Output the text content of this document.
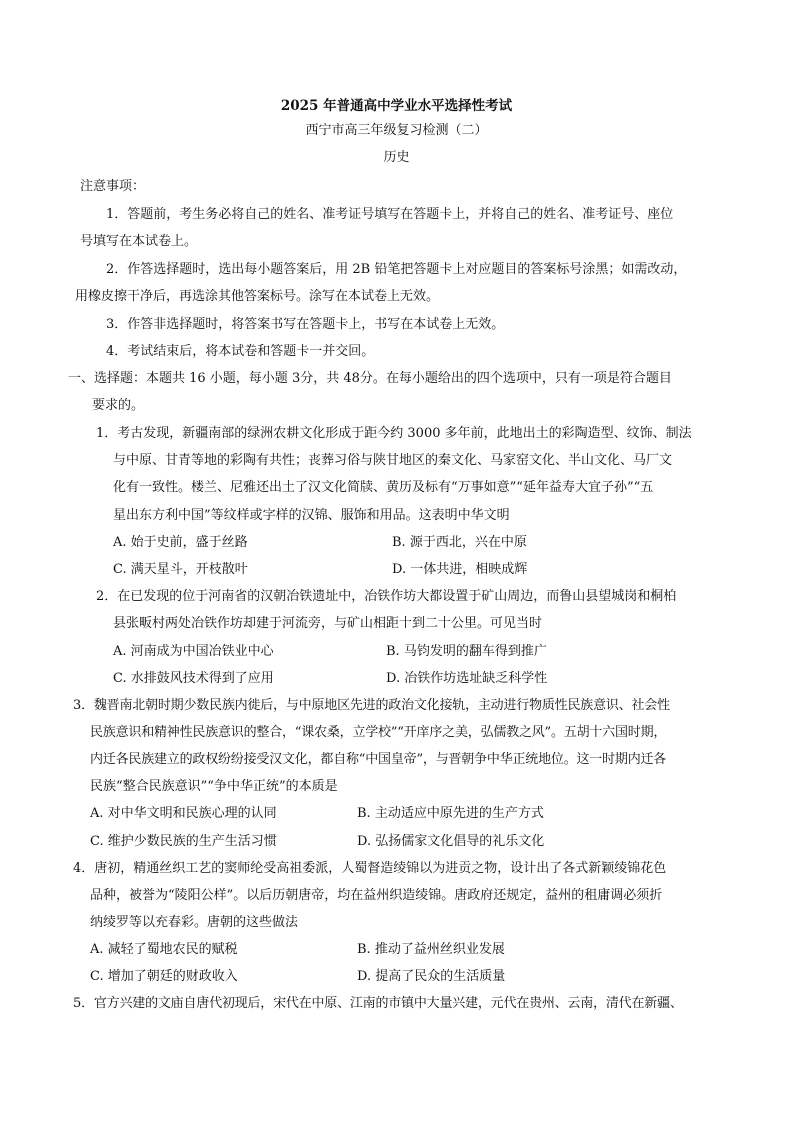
2025 年普通高中学业水平选择性考试
西宁市高三年级复习检测（二）
历史
注意事项：
1．答题前，考生务必将自己的姓名、准考证号填写在答题卡上，并将自己的姓名、准考证号、座位
号填写在本试卷上。
2．作答选择题时，选出每小题答案后，用 2B 铅笔把答题卡上对应题目的答案标号涂黑；如需改动，
用橡皮擦干净后，再选涂其他答案标号。涂写在本试卷上无效。
3．作答非选择题时，将答案书写在答题卡上，书写在本试卷上无效。
4．考试结束后，将本试卷和答题卡一并交回。
一、选择题：本题共 16 小题，每小题 3分，共 48分。在每小题给出的四个选项中，只有一项是符合题目
要求的。
1．考古发现，新疆南部的绿洲农耕文化形成于距今约 3000 多年前，此地出土的彩陶造型、纹饰、制法
与中原、甘青等地的彩陶有共性；丧葬习俗与陕甘地区的秦文化、马家窑文化、半山文化、马厂文
化有一致性。楼兰、尼雅还出土了汉文化简牍、黄历及标有“万事如意”“延年益寿大宜子孙”“五
星出东方利中国”等纹样或字样的汉锦、服饰和用品。这表明中华文明
A. 始于史前，盛于丝路	B. 源于西北，兴在中原
C. 满天星斗，开枝散叶	D. 一体共进，相映成辉
2．在已发现的位于河南省的汉朝冶铁遗址中，冶铁作坊大都设置于矿山周边，而鲁山县望城岗和桐柏
县张畈村两处冶铁作坊却建于河流旁，与矿山相距十到二十公里。可见当时
A. 河南成为中国冶铁业中心	B. 马钧发明的翻车得到推广
C. 水排鼓风技术得到了应用	D. 冶铁作坊选址缺乏科学性
3．魏晋南北朝时期少数民族内徙后，与中原地区先进的政治文化接轨，主动进行物质性民族意识、社会性
民族意识和精神性民族意识的整合，“课农桑，立学校”“开庠序之美，弘儒教之风”。五胡十六国时期，
内迁各民族建立的政权纷纷接受汉文化，都自称“中国皇帝”，与晋朝争中华正统地位。这一时期内迁各
民族“整合民族意识”“争中华正统”的本质是
A. 对中华文明和民族心理的认同	B. 主动适应中原先进的生产方式
C. 维护少数民族的生产生活习惯	D. 弘扬儒家文化倡导的礼乐文化
4．唐初，精通丝织工艺的窦师纶受高祖委派，人蜀督造绫锦以为进贡之物，设计出了各式新颖绫锦花色
品种，被誉为“陵阳公样”。以后历朝唐帝，均在益州织造绫锦。唐政府还规定，益州的租庸调必须折
纳绫罗等以充春彩。唐朝的这些做法
A. 减轻了蜀地农民的赋税	B. 推动了益州丝织业发展
C. 增加了朝廷的财政收入	D. 提高了民众的生活质量
5．官方兴建的文庙自唐代初现后，宋代在中原、江南的市镇中大量兴建，元代在贵州、云南，清代在新疆、
